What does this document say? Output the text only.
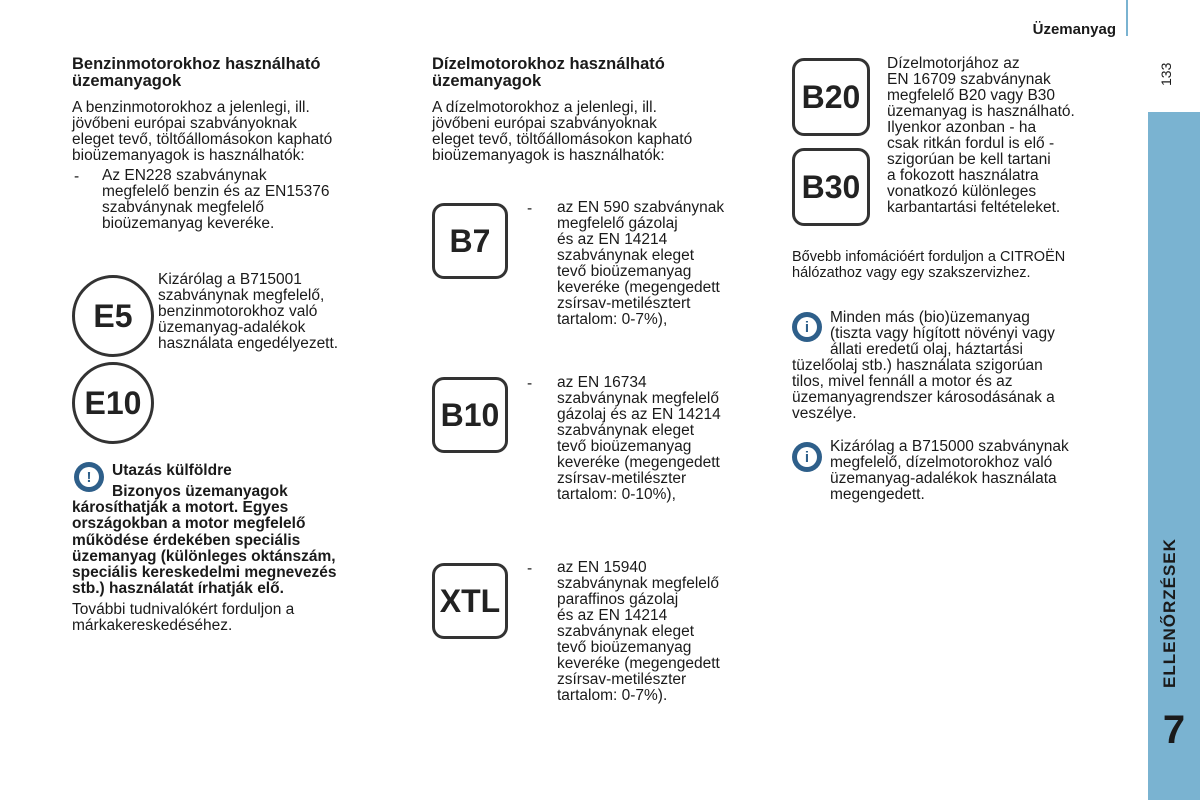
Üzemanyag
133
ELLENŐRZÉSEK
7
Benzinmotorokhoz használható
üzemanyagok
A benzinmotorokhoz a jelenlegi, ill.
jövőbeni európai szabványoknak
eleget tevő, töltőállomásokon kapható
bioüzemanyagok is használhatók:
- Az EN228 szabványnak
megfelelő benzin és az EN15376
szabványnak megfelelő
bioüzemanyag keveréke.
E5
Kizárólag a B715001
szabványnak megfelelő,
benzinmotorokhoz való
üzemanyag-adalékok
használata engedélyezett.
E10
!	Utazás külföldre
Bizonyos üzemanyagok
károsíthatják a motort. Egyes
országokban a motor megfelelő
működése érdekében speciális
üzemanyag (különleges oktánszám,
speciális kereskedelmi megnevezés
stb.) használatát írhatják elő.
További tudnivalókért forduljon a
márkakereskedéséhez.
Dízelmotorokhoz használható
üzemanyagok
A dízelmotorokhoz a jelenlegi, ill.
jövőbeni európai szabványoknak
eleget tevő, töltőállomásokon kapható
bioüzemanyagok is használhatók:
B7
- az EN 590 szabványnak
megfelelő gázolaj
és az EN 14214
szabványnak eleget
tevő bioüzemanyag
keveréke (megengedett
zsírsav-metilésztert
tartalom: 0-7%),
B10
- az EN 16734
szabványnak megfelelő
gázolaj és az EN 14214
szabványnak eleget
tevő bioüzemanyag
keveréke (megengedett
zsírsav-metilészter
tartalom: 0-10%),
XTL
- az EN 15940
szabványnak megfelelő
paraffinos gázolaj
és az EN 14214
szabványnak eleget
tevő bioüzemanyag
keveréke (megengedett
zsírsav-metilészter
tartalom: 0-7%).
B20
B30
Dízelmotorjához az
EN 16709 szabványnak
megfelelő B20 vagy B30
üzemanyag is használható.
Ilyenkor azonban - ha
csak ritkán fordul is elő -
szigorúan be kell tartani
a fokozott használatra
vonatkozó különleges
karbantartási feltételeket.
Bővebb infomációért forduljon a CITROËN
hálózathoz vagy egy szakszervizhez.
i
Minden más (bio)üzemanyag
(tiszta vagy hígított növényi vagy
állati eredetű olaj, háztartási
tüzelőolaj stb.) használata szigorúan
tilos, mivel fennáll a motor és az
üzemanyagrendszer károsodásának a
veszélye.
i
Kizárólag a B715000 szabványnak
megfelelő, dízelmotorokhoz való
üzemanyag-adalékok használata
megengedett.
